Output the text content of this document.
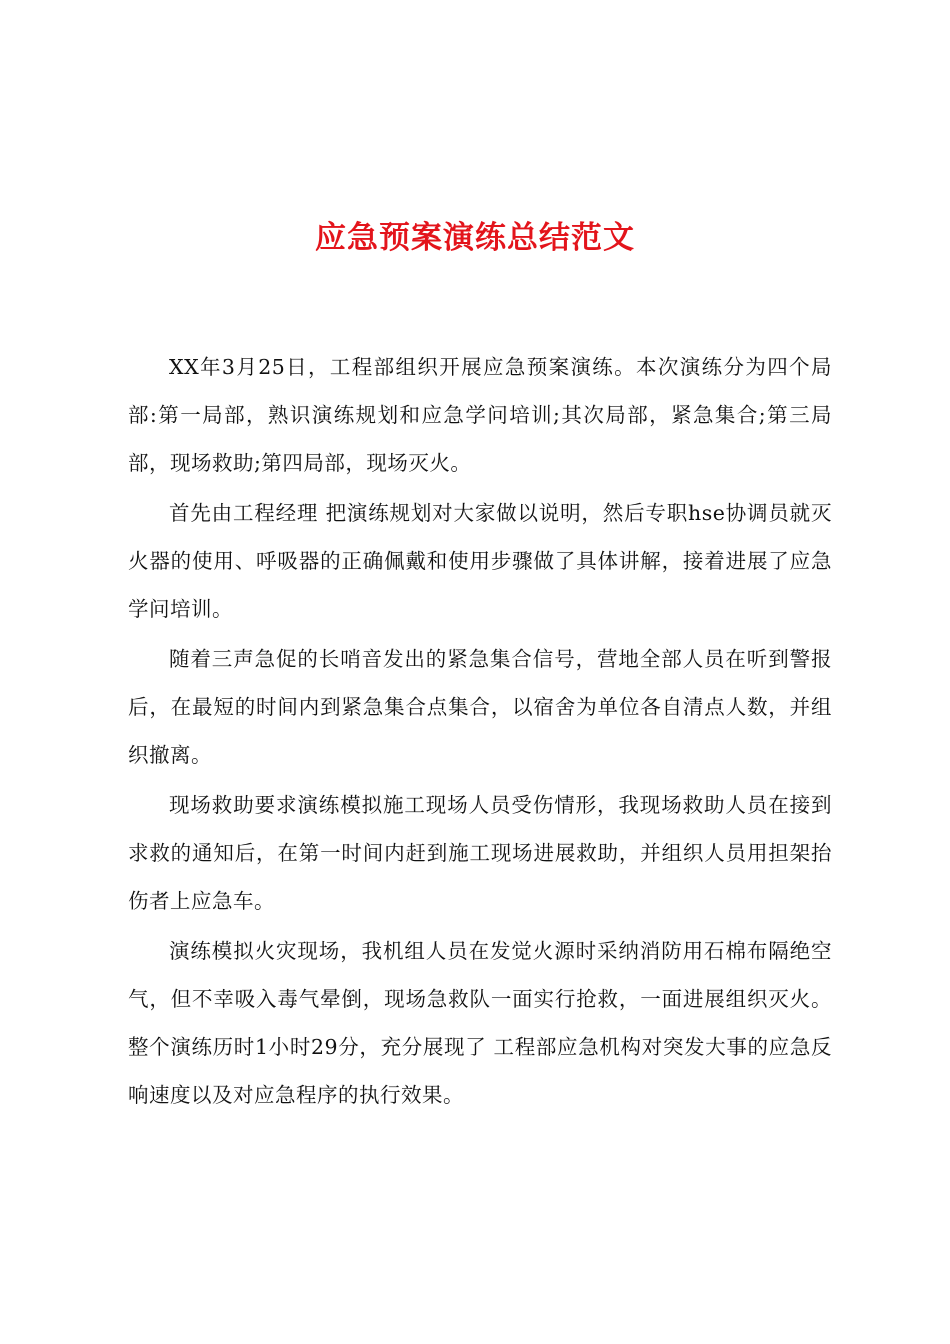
应急预案演练总结范文

XX年3月25日，工程部组织开展应急预案演练。本次演练分为四个局部:第一局部，熟识演练规划和应急学问培训;其次局部，紧急集合;第三局部，现场救助;第四局部，现场灭火。

首先由工程经理 把演练规划对大家做以说明，然后专职hse协调员就灭火器的使用、呼吸器的正确佩戴和使用步骤做了具体讲解，接着进展了应急学问培训。

随着三声急促的长哨音发出的紧急集合信号，营地全部人员在听到警报后，在最短的时间内到紧急集合点集合，以宿舍为单位各自清点人数，并组织撤离。

现场救助要求演练模拟施工现场人员受伤情形，我现场救助人员在接到求救的通知后，在第一时间内赶到施工现场进展救助，并组织人员用担架抬伤者上应急车。

演练模拟火灾现场，我机组人员在发觉火源时采纳消防用石棉布隔绝空气，但不幸吸入毒气晕倒，现场急救队一面实行抢救，一面进展组织灭火。整个演练历时1小时29分，充分展现了 工程部应急机构对突发大事的应急反响速度以及对应急程序的执行效果。
